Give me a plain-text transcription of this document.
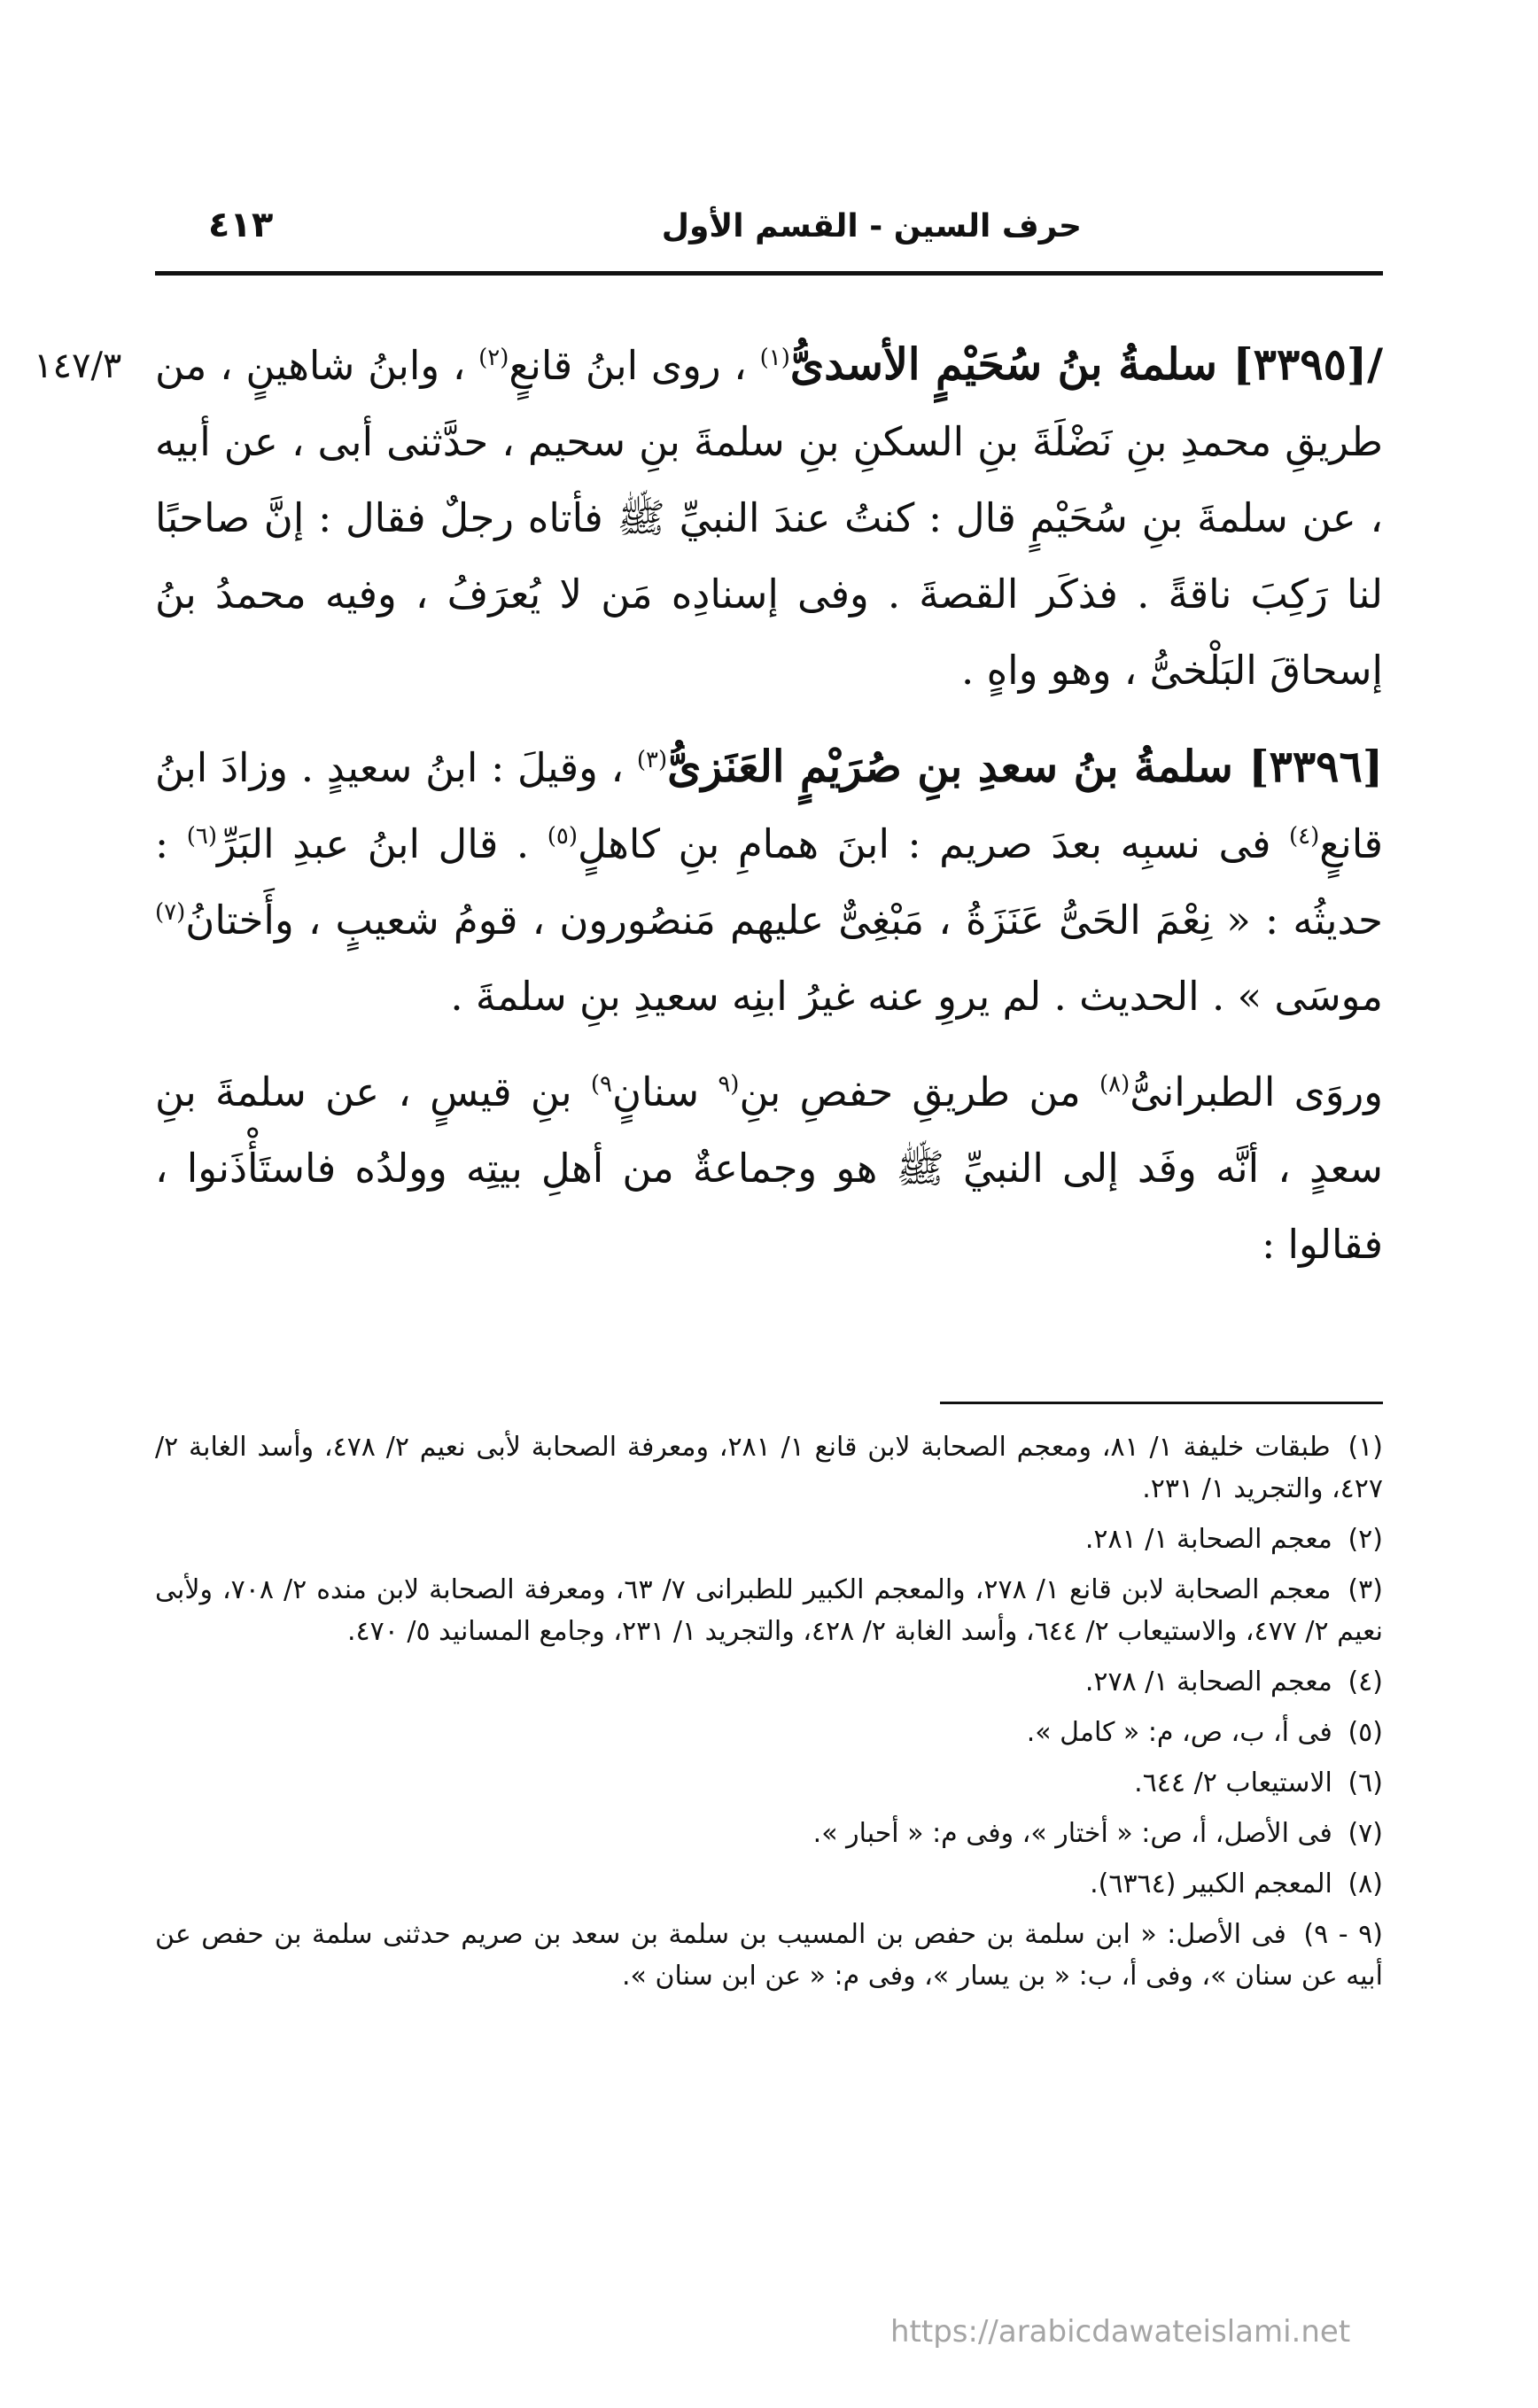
حرف السين - القسم الأول
٤١٣
١٤٧/٣	/[٣٣٩٥] سلمةُ بنُ سُحَيْمٍ الأسدىُّ$^{(١)}$ ، روى ابنُ قانعٍ$^{(٢)}$ ، وابنُ شاهينٍ ، من طريقِ محمدِ بنِ نَضْلَةَ بنِ السكنِ بنِ سلمةَ بنِ سحيم ، حدَّثنى أبى ، عن أبيه ، عن سلمةَ بنِ سُحَيْمٍ قال : كنتُ عندَ النبيِّ ﷺ فأتاه رجلٌ فقال : إنَّ صاحبًا لنا رَكِبَ ناقةً . فذكَر القصةَ . وفى إسنادِه مَن لا يُعرَفُ ، وفيه محمدُ بنُ إسحاقَ البَلْخىُّ ، وهو واهٍ .

[٣٣٩٦] سلمةُ بنُ سعدِ بنِ صُرَيْمٍ العَنَزىُّ$^{(٣)}$ ، وقيلَ : ابنُ سعيدٍ . وزادَ ابنُ قانعٍ$^{(٤)}$ فى نسبِه بعدَ صريم : ابنَ همامِ بنِ كاهلٍ$^{(٥)}$ . قال ابنُ عبدِ البَرِّ$^{(٦)}$ : حديثُه : « نِعْمَ الحَىُّ عَنَزَةُ ، مَبْغِىٌّ عليهم مَنصُورون ، قومُ شعيبٍ ، وأَختانُ$^{(٧)}$ موسَى » . الحديث . لم يروِ عنه غيرُ ابنِه سعيدِ بنِ سلمةَ .

وروَى الطبرانىُّ$^{(٨)}$ من طريقِ حفصِ بنِ$^{(٩}$ سنانٍ$^{٩)}$ بنِ قيسٍ ، عن سلمةَ بنِ سعدٍ ، أنَّه وفَد إلى النبيِّ ﷺ هو وجماعةٌ من أهلِ بيتِه وولدُه فاستَأْذَنوا ، فقالوا :

(١) طبقات خليفة ١/ ٨١، ومعجم الصحابة لابن قانع ١/ ٢٨١، ومعرفة الصحابة لأبى نعيم ٢/ ٤٧٨، وأسد الغابة ٢/ ٤٢٧، والتجريد ١/ ٢٣١.
(٢) معجم الصحابة ١/ ٢٨١.
(٣) معجم الصحابة لابن قانع ١/ ٢٧٨، والمعجم الكبير للطبرانى ٧/ ٦٣، ومعرفة الصحابة لابن منده ٢/ ٧٠٨، ولأبى نعيم ٢/ ٤٧٧، والاستيعاب ٢/ ٦٤٤، وأسد الغابة ٢/ ٤٢٨، والتجريد ١/ ٢٣١، وجامع المسانيد ٥/ ٤٧٠.
(٤) معجم الصحابة ١/ ٢٧٨.
(٥) فى أ، ب، ص، م: « كامل ».
(٦) الاستيعاب ٢/ ٦٤٤.
(٧) فى الأصل، أ، ص: « أختار »، وفى م: « أحبار ».
(٨) المعجم الكبير (٦٣٦٤).
(٩ - ٩) فى الأصل: « ابن سلمة بن حفص بن المسيب بن سلمة بن سعد بن صريم حدثنى سلمة بن حفص عن أبيه عن سنان »، وفى أ، ب: « بن يسار »، وفى م: « عن ابن سنان ».
https://arabicdawateislami.net
